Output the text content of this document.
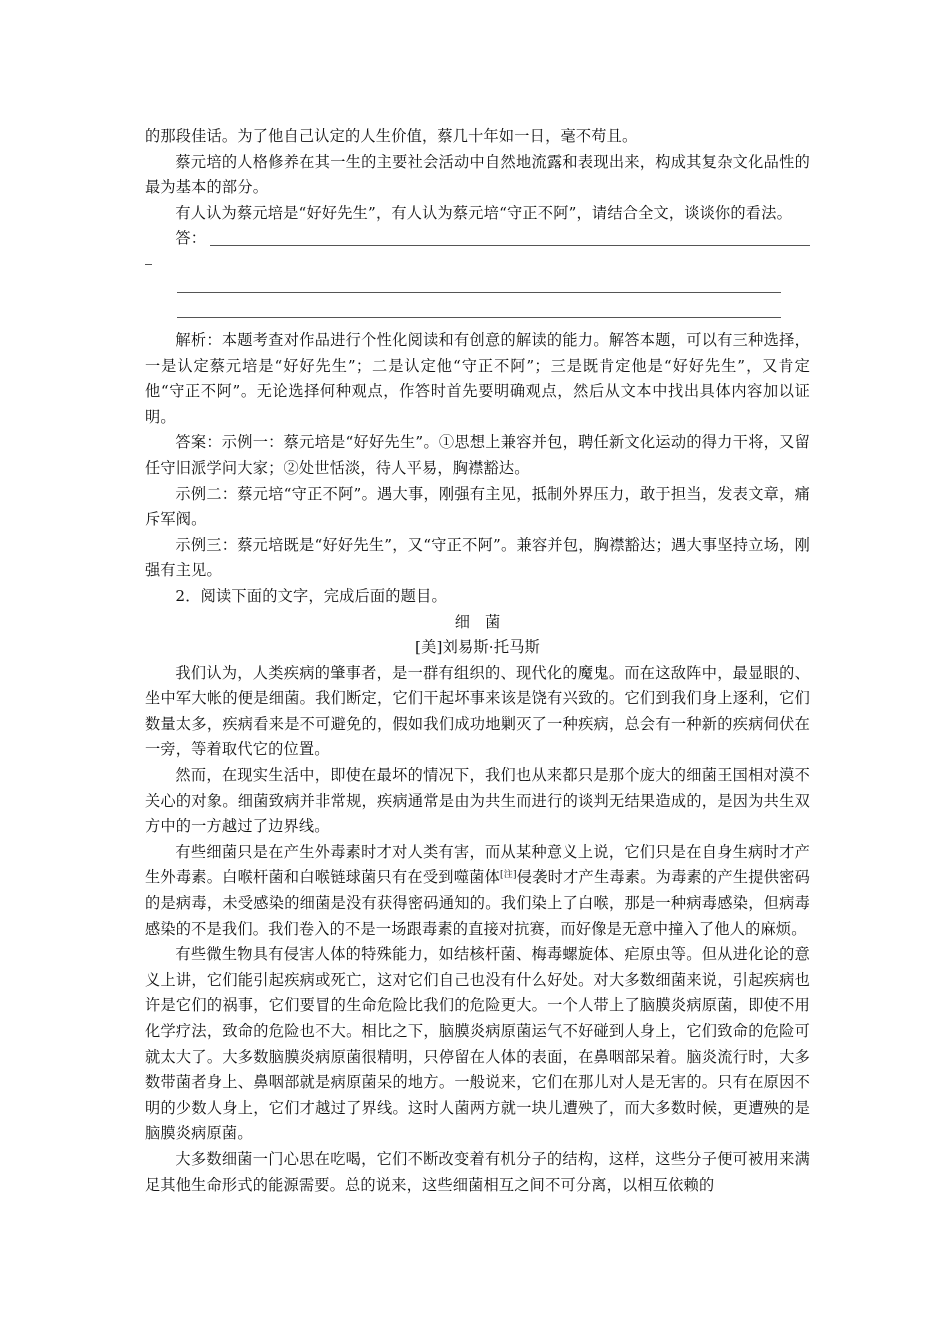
的那段佳话。为了他自己认定的人生价值，蔡几十年如一日，毫不苟且。

蔡元培的人格修养在其一生的主要社会活动中自然地流露和表现出来，构成其复杂文化品性的最为基本的部分。

有人认为蔡元培是“好好先生”，有人认为蔡元培“守正不阿”，请结合全文，谈谈你的看法。

答：

解析：本题考查对作品进行个性化阅读和有创意的解读的能力。解答本题，可以有三种选择，一是认定蔡元培是“好好先生”；二是认定他“守正不阿”；三是既肯定他是“好好先生”，又肯定他“守正不阿”。无论选择何种观点，作答时首先要明确观点，然后从文本中找出具体内容加以证明。

答案：示例一：蔡元培是“好好先生”。①思想上兼容并包，聘任新文化运动的得力干将，又留任守旧派学问大家；②处世恬淡，待人平易，胸襟豁达。

示例二：蔡元培“守正不阿”。遇大事，刚强有主见，抵制外界压力，敢于担当，发表文章，痛斥军阀。

示例三：蔡元培既是“好好先生”，又“守正不阿”。兼容并包，胸襟豁达；遇大事坚持立场，刚强有主见。

2．阅读下面的文字，完成后面的题目。

细菌

[美]刘易斯·托马斯

我们认为，人类疾病的肇事者，是一群有组织的、现代化的魔鬼。而在这敌阵中，最显眼的、坐中军大帐的便是细菌。我们断定，它们干起坏事来该是饶有兴致的。它们到我们身上逐利，它们数量太多，疾病看来是不可避免的，假如我们成功地剿灭了一种疾病，总会有一种新的疾病伺伏在一旁，等着取代它的位置。

然而，在现实生活中，即使在最坏的情况下，我们也从来都只是那个庞大的细菌王国相对漠不关心的对象。细菌致病并非常规，疾病通常是由为共生而进行的谈判无结果造成的，是因为共生双方中的一方越过了边界线。

有些细菌只是在产生外毒素时才对人类有害，而从某种意义上说，它们只是在自身生病时才产生外毒素。白喉杆菌和白喉链球菌只有在受到噬菌体[注]侵袭时才产生毒素。为毒素的产生提供密码的是病毒，未受感染的细菌是没有获得密码通知的。我们染上了白喉，那是一种病毒感染，但病毒感染的不是我们。我们卷入的不是一场跟毒素的直接对抗赛，而好像是无意中撞入了他人的麻烦。

有些微生物具有侵害人体的特殊能力，如结核杆菌、梅毒螺旋体、疟原虫等。但从进化论的意义上讲，它们能引起疾病或死亡，这对它们自己也没有什么好处。对大多数细菌来说，引起疾病也许是它们的祸事，它们要冒的生命危险比我们的危险更大。一个人带上了脑膜炎病原菌，即使不用化学疗法，致命的危险也不大。相比之下，脑膜炎病原菌运气不好碰到人身上，它们致命的危险可就太大了。大多数脑膜炎病原菌很精明，只停留在人体的表面，在鼻咽部呆着。脑炎流行时，大多数带菌者身上、鼻咽部就是病原菌呆的地方。一般说来，它们在那儿对人是无害的。只有在原因不明的少数人身上，它们才越过了界线。这时人菌两方就一块儿遭殃了，而大多数时候，更遭殃的是脑膜炎病原菌。

大多数细菌一门心思在吃喝，它们不断改变着有机分子的结构，这样，这些分子便可被用来满足其他生命形式的能源需要。总的说来，这些细菌相互之间不可分离，以相互依赖的
